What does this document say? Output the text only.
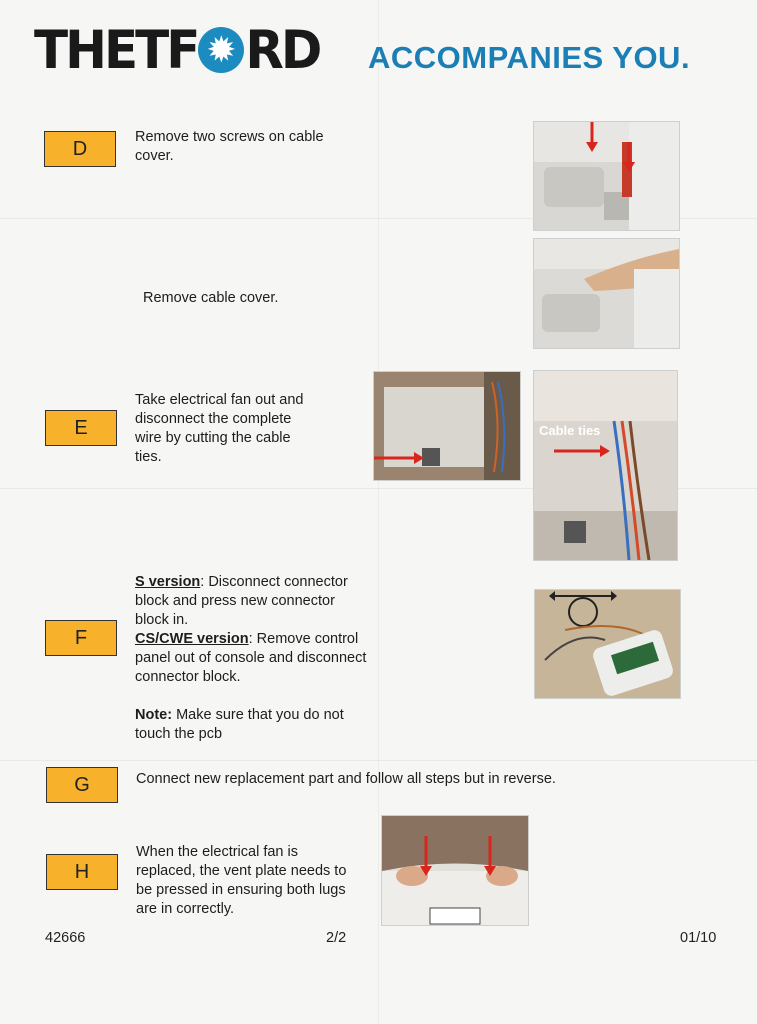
THETF
✹ RD ACCOMPANIES YOU.
D
Remove two screws on cable cover.
Remove cable cover.
E
Take electrical fan out and disconnect the complete wire by cutting the cable ties.
Cable ties
F

S version: Disconnect connector block and press new connector block in.

CS/CWE version: Remove control panel out of console and disconnect connector block.

Note: Make sure that you do not touch the pcb

G	Connect new replacement part and follow all steps but in reverse.
H
When the electrical fan is replaced, the vent plate needs to be pressed in ensuring both lugs are in correctly.
42666	2/2	01/10
